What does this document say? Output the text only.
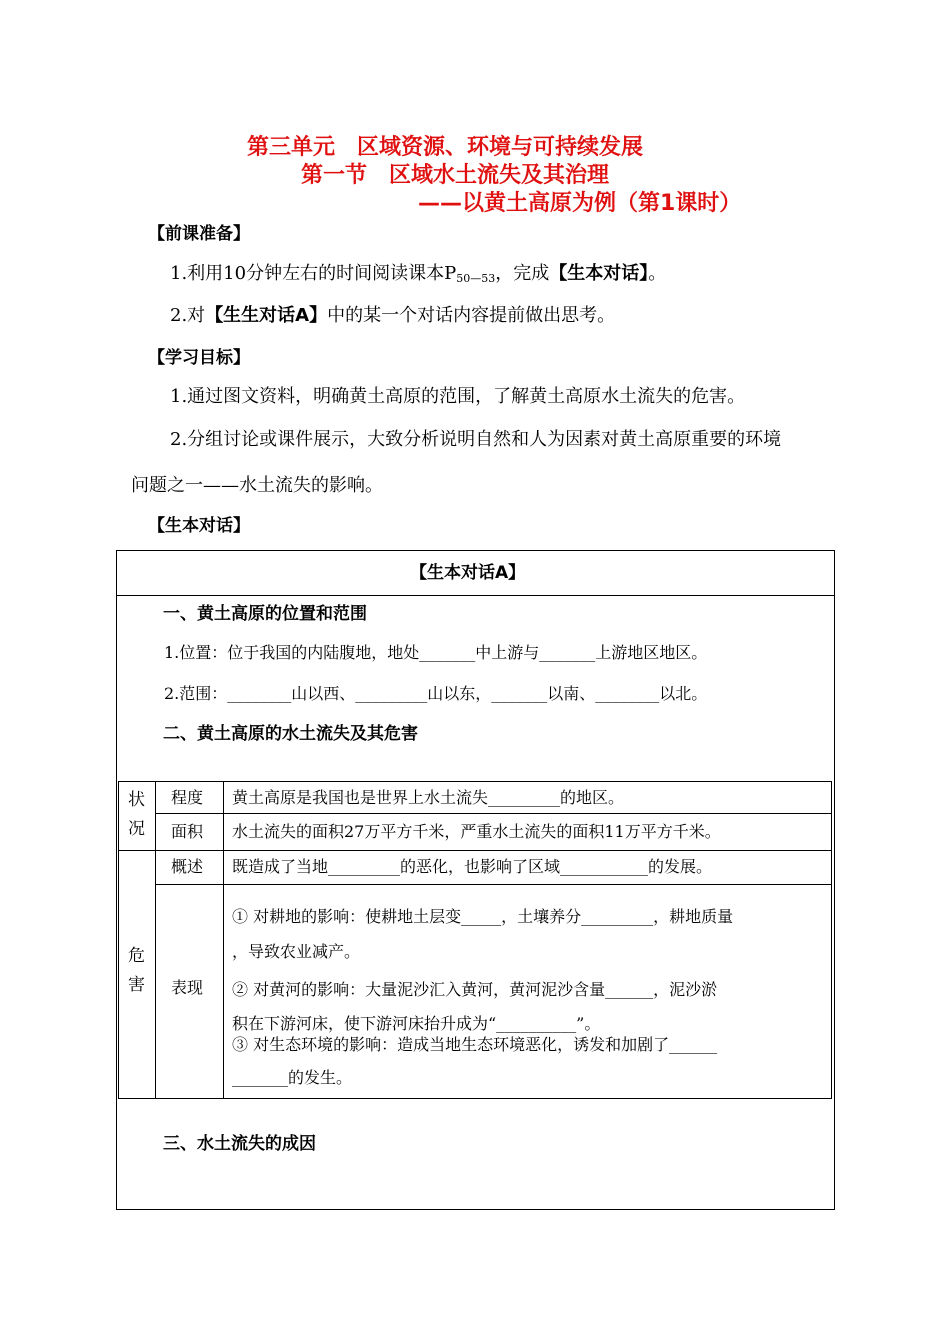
第三单元　区域资源、环境与可持续发展
第一节　区域水土流失及其治理
——以黄土高原为例（第1课时）
【前课准备】
1.利用10分钟左右的时间阅读课本$P_{50—53}$，完成【生本对话】。
2.对【生生对话A】中的某一个对话内容提前做出思考。
【学习目标】
1.通过图文资料，明确黄土高原的范围，了解黄土高原水土流失的危害。
2.分组讨论或课件展示，大致分析说明自然和人为因素对黄土高原重要的环境
问题之一——水土流失的影响。
【生本对话】
【生本对话A】
一、黄土高原的位置和范围
1.位置：位于我国的内陆腹地，地处_______中上游与_______上游地区地区。
2.范围：________山以西、_________山以东，_______以南、________以北。
二、黄土高原的水土流失及其危害
状况
危害
程度 黄土高原是我国也是世界上水土流失_________的地区。
面积 水土流失的面积27万平方千米，严重水土流失的面积11万平方千米。
概述 既造成了当地_________的恶化，也影响了区域___________的发展。
表现
① 对耕地的影响：使耕地土层变_____，土壤养分_________，耕地质量
，导致农业减产。
② 对黄河的影响：大量泥沙汇入黄河，黄河泥沙含量______，泥沙淤
积在下游河床，使下游河床抬升成为“__________”。
③ 对生态环境的影响：造成当地生态环境恶化，诱发和加剧了______
_______的发生。
三、水土流失的成因
